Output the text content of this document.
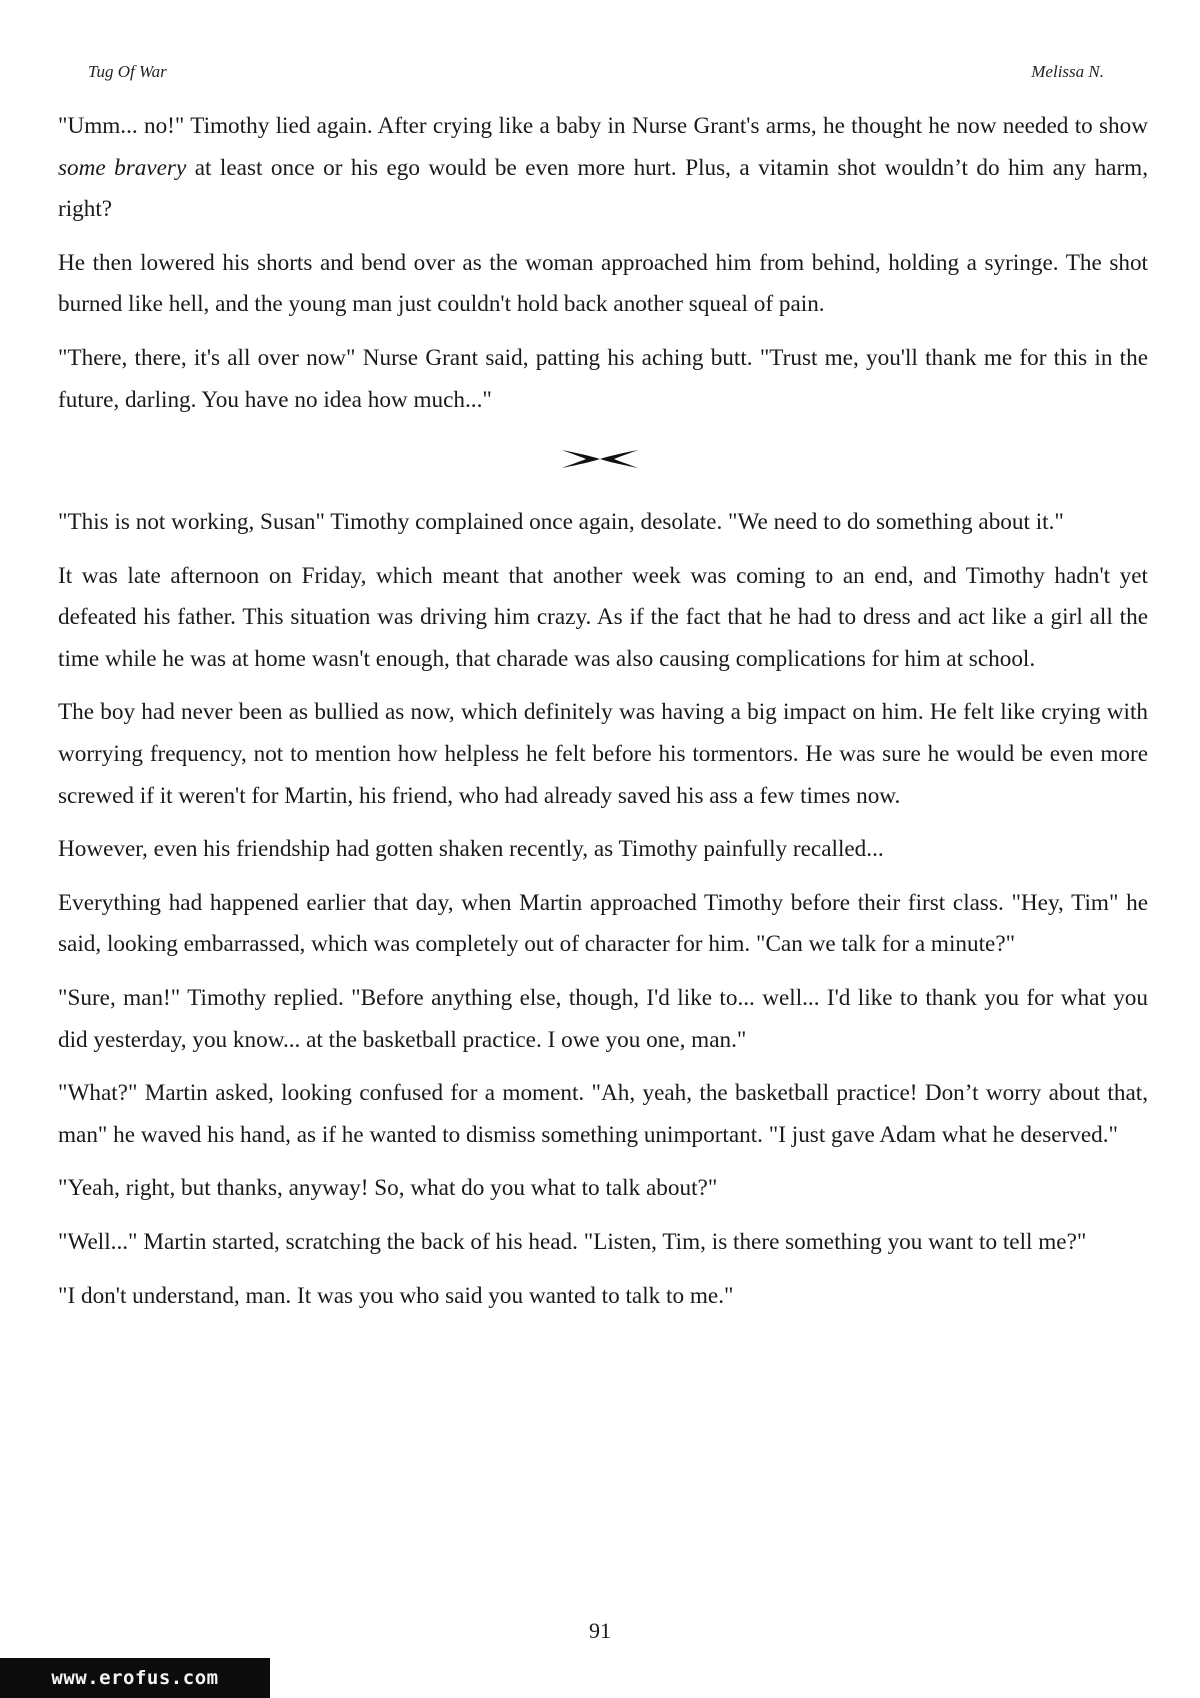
Tug Of War	Melissa N.

"Umm... no!" Timothy lied again. After crying like a baby in Nurse Grant's arms, he thought he now needed to show some bravery at least once or his ego would be even more hurt. Plus, a vitamin shot wouldn’t do him any harm, right?

He then lowered his shorts and bend over as the woman approached him from behind, holding a syringe. The shot burned like hell, and the young man just couldn't hold back another squeal of pain.

"There, there, it's all over now" Nurse Grant said, patting his aching butt. "Trust me, you'll thank me for this in the future, darling. You have no idea how much..."

"This is not working, Susan" Timothy complained once again, desolate. "We need to do something about it."

It was late afternoon on Friday, which meant that another week was coming to an end, and Timothy hadn't yet defeated his father. This situation was driving him crazy. As if the fact that he had to dress and act like a girl all the time while he was at home wasn't enough, that charade was also causing complications for him at school.

The boy had never been as bullied as now, which definitely was having a big impact on him. He felt like crying with worrying frequency, not to mention how helpless he felt before his tormentors. He was sure he would be even more screwed if it weren't for Martin, his friend, who had already saved his ass a few times now.

However, even his friendship had gotten shaken recently, as Timothy painfully recalled...

Everything had happened earlier that day, when Martin approached Timothy before their first class. "Hey, Tim" he said, looking embarrassed, which was completely out of character for him. "Can we talk for a minute?"

"Sure, man!" Timothy replied. "Before anything else, though, I'd like to... well... I'd like to thank you for what you did yesterday, you know... at the basketball practice. I owe you one, man."

"What?" Martin asked, looking confused for a moment. "Ah, yeah, the basketball practice! Don’t worry about that, man" he waved his hand, as if he wanted to dismiss something unimportant. "I just gave Adam what he deserved."

"Yeah, right, but thanks, anyway! So, what do you what to talk about?"

"Well..." Martin started, scratching the back of his head. "Listen, Tim, is there something you want to tell me?"

"I don't understand, man. It was you who said you wanted to talk to me."

91
www.erofus.com
